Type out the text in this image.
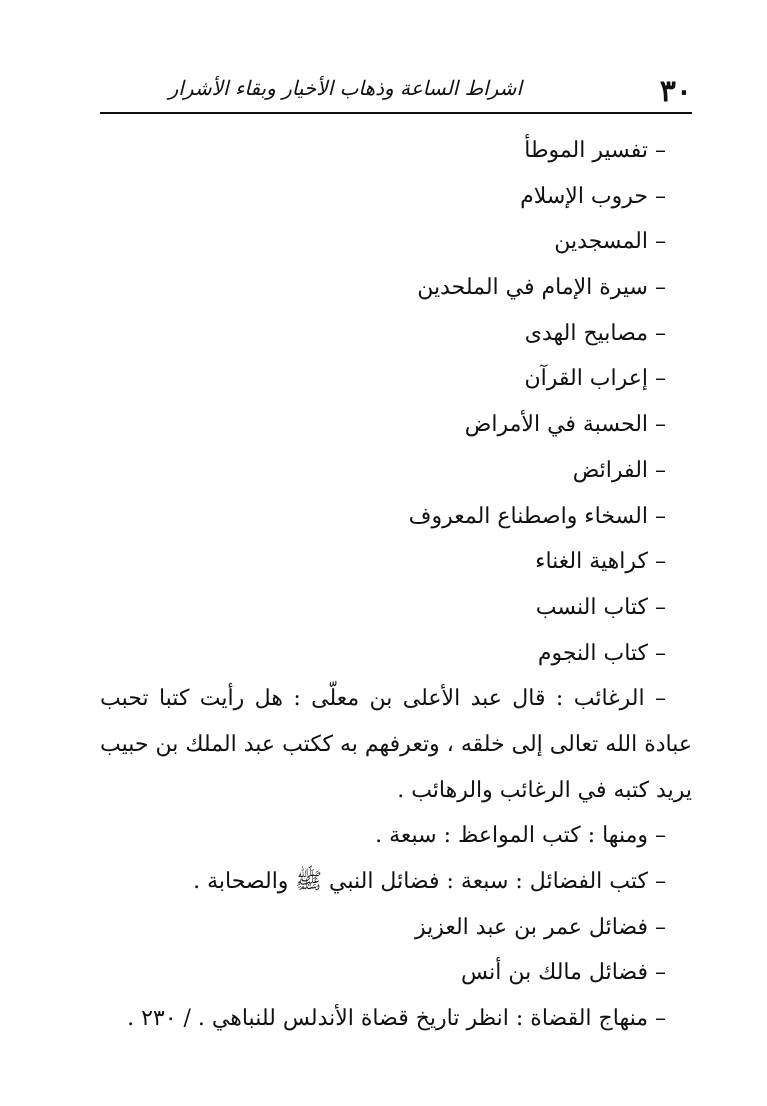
٣٠
اشراط الساعة وذهاب الأخيار وبقاء الأشرار
– تفسير الموطأ
– حروب الإسلام
– المسجدين
– سيرة الإمام في الملحدين
– مصابيح الهدى
– إعراب القرآن
– الحسبة في الأمراض
– الفرائض
– السخاء واصطناع المعروف
– كراهية الغناء
– كتاب النسب
– كتاب النجوم
– الرغائب : قال عبد الأعلى بن معلّى : هل رأيت كتبا تحبب
عبادة الله تعالى إلى خلقه ، وتعرفهم به ككتب عبد الملك بن حبيب
يريد كتبه في الرغائب والرهائب .
– ومنها : كتب المواعظ : سبعة .
– كتب الفضائل : سبعة : فضائل النبي ﷺ والصحابة .
– فضائل عمر بن عبد العزيز
– فضائل مالك بن أنس
– منهاج القضاة : انظر تاريخ قضاة الأندلس للنباهي . / ٢٣٠ .
